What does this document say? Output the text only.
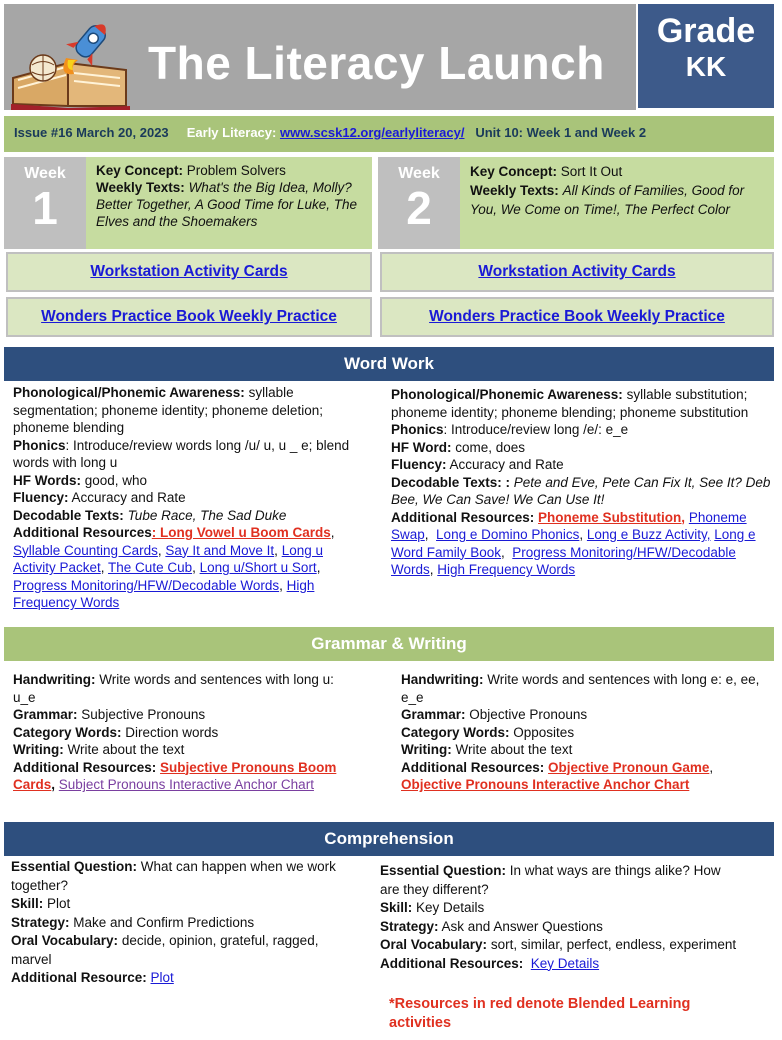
The Literacy Launch
Grade
KK
Issue #16 March 20, 2023 Early Literacy: www.scsk12.org/earlyliteracy/ Unit 10: Week 1 and Week 2
Week
1
Key Concept: Problem Solvers
Weekly Texts: What's the Big Idea, Molly? Better Together, A Good Time for Luke, The Elves and the Shoemakers
Week
2
Key Concept: Sort It Out
Weekly Texts: All Kinds of Families, Good for You, We Come on Time!, The Perfect Color
Workstation Activity Cards	Workstation Activity Cards
Wonders Practice Book Weekly Practice	Wonders Practice Book Weekly Practice
Word Work

Phonological/Phonemic Awareness: syllable segmentation; phoneme identity; phoneme deletion; phoneme blending

Phonics: Introduce/review words long /u/ u, u _ e; blend words with long u

HF Words: good, who

Fluency: Accuracy and Rate

Decodable Texts: Tube Race, The Sad Duke

Additional Resources: Long Vowel u Boom Cards, Syllable Counting Cards, Say It and Move It, Long u Activity Packet, The Cute Cub, Long u/Short u Sort, Progress Monitoring/HFW/Decodable Words, High Frequency Words

Phonological/Phonemic Awareness: syllable substitution; phoneme identity; phoneme blending; phoneme substitution

Phonics: Introduce/review long /e/: e_e

HF Word: come, does

Fluency: Accuracy and Rate

Decodable Texts: : Pete and Eve, Pete Can Fix It, See It? Deb Bee, We Can Save! We Can Use It!

Additional Resources: Phoneme Substitution, Phoneme Swap,  Long e Domino Phonics, Long e Buzz Activity, Long e Word Family Book,  Progress Monitoring/HFW/Decodable Words, High Frequency Words

Grammar & Writing

Handwriting: Write words and sentences with long u: u_e

Grammar: Subjective Pronouns

Category Words: Direction words

Writing: Write about the text

Additional Resources: Subjective Pronouns Boom Cards, Subject Pronouns Interactive Anchor Chart

Handwriting: Write words and sentences with long e: e, ee, e_e

Grammar: Objective Pronouns

Category Words: Opposites

Writing: Write about the text

Additional Resources: Objective Pronoun Game, Objective Pronouns Interactive Anchor Chart

Comprehension

Essential Question: What can happen when we work together?

Skill: Plot

Strategy: Make and Confirm Predictions

Oral Vocabulary: decide, opinion, grateful, ragged, marvel

Additional Resource: Plot

Essential Question: In what ways are things alike? How are they different?

Skill: Key Details

Strategy: Ask and Answer Questions

Oral Vocabulary: sort, similar, perfect, endless, experiment

Additional Resources: Key Details

*Resources in red denote Blended Learning activities
